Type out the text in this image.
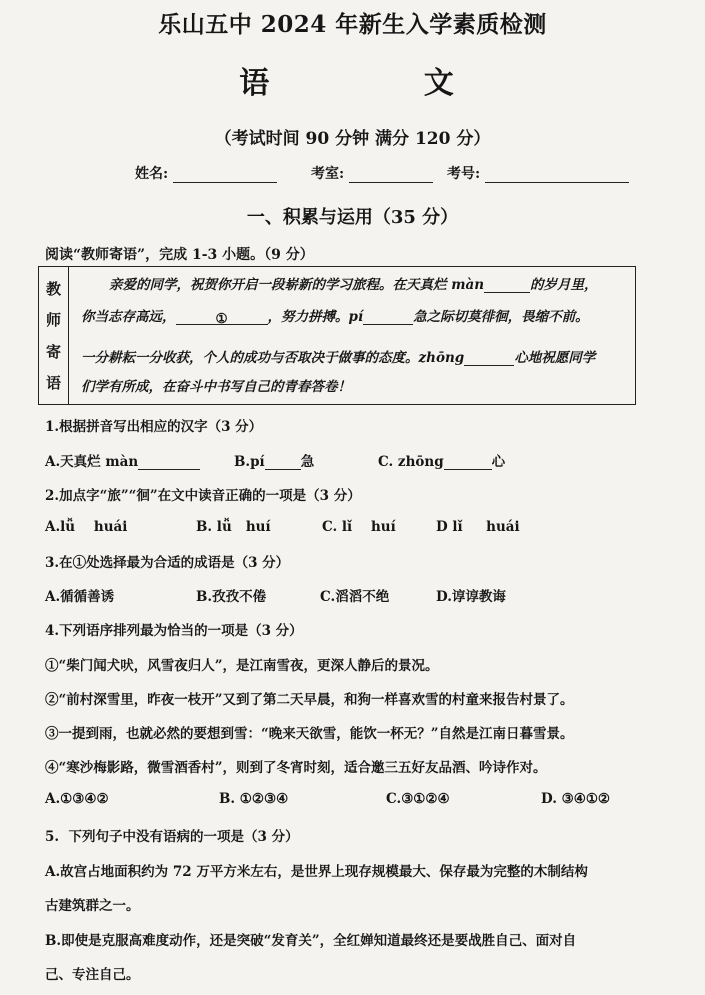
乐山五中 2024 年新生入学素质检测
语 文
（考试时间 90 分钟 满分 120 分）
姓名:	考室:	考号:
一、积累与运用（35 分）
阅读“教师寄语”，完成 1-3 小题。（9 分）
教
师
寄
语
亲爱的同学，祝贺你开启一段崭新的学习旅程。在天真烂 màn	的岁月里，
你当志存高远，	①	，努力拼搏。pí	急之际切莫徘徊，畏缩不前。
一分耕耘一分收获，个人的成功与否取决于做事的态度。zhōng	心地祝愿同学
们学有所成，在奋斗中书写自己的青春答卷！
1.根据拼音写出相应的汉字（3 分）
A.天真烂 màn	B.pí	急	C. zhōng	心
2.加点字“旅”“徊”在文中读音正确的一项是（3 分）
A.lǚ    huái	B. lǚ   huí	C. lǐ    huí	D lǐ     huái
3.在①处选择最为合适的成语是（3 分）
A.循循善诱	B.孜孜不倦	C.滔滔不绝	D.谆谆教诲
4.下列语序排列最为恰当的一项是（3 分）
①“柴门闻犬吠，风雪夜归人”，是江南雪夜，更深人静后的景况。
②“前村深雪里，昨夜一枝开”又到了第二天早晨，和狗一样喜欢雪的村童来报告村景了。
③一提到雨，也就必然的要想到雪：“晚来天欲雪，能饮一杯无？”自然是江南日暮雪景。
④“寒沙梅影路，微雪酒香村”，则到了冬宵时刻，适合邀三五好友品酒、吟诗作对。
A.①③④②	B. ①②③④	C.③①②④	D. ③④①②
5.  下列句子中没有语病的一项是（3 分）
A.故宫占地面积约为 72 万平方米左右，是世界上现存规模最大、保存最为完整的木制结构
古建筑群之一。
B.即使是克服高难度动作，还是突破“发育关”，全红婵知道最终还是要战胜自己、面对自
己、专注自己。
